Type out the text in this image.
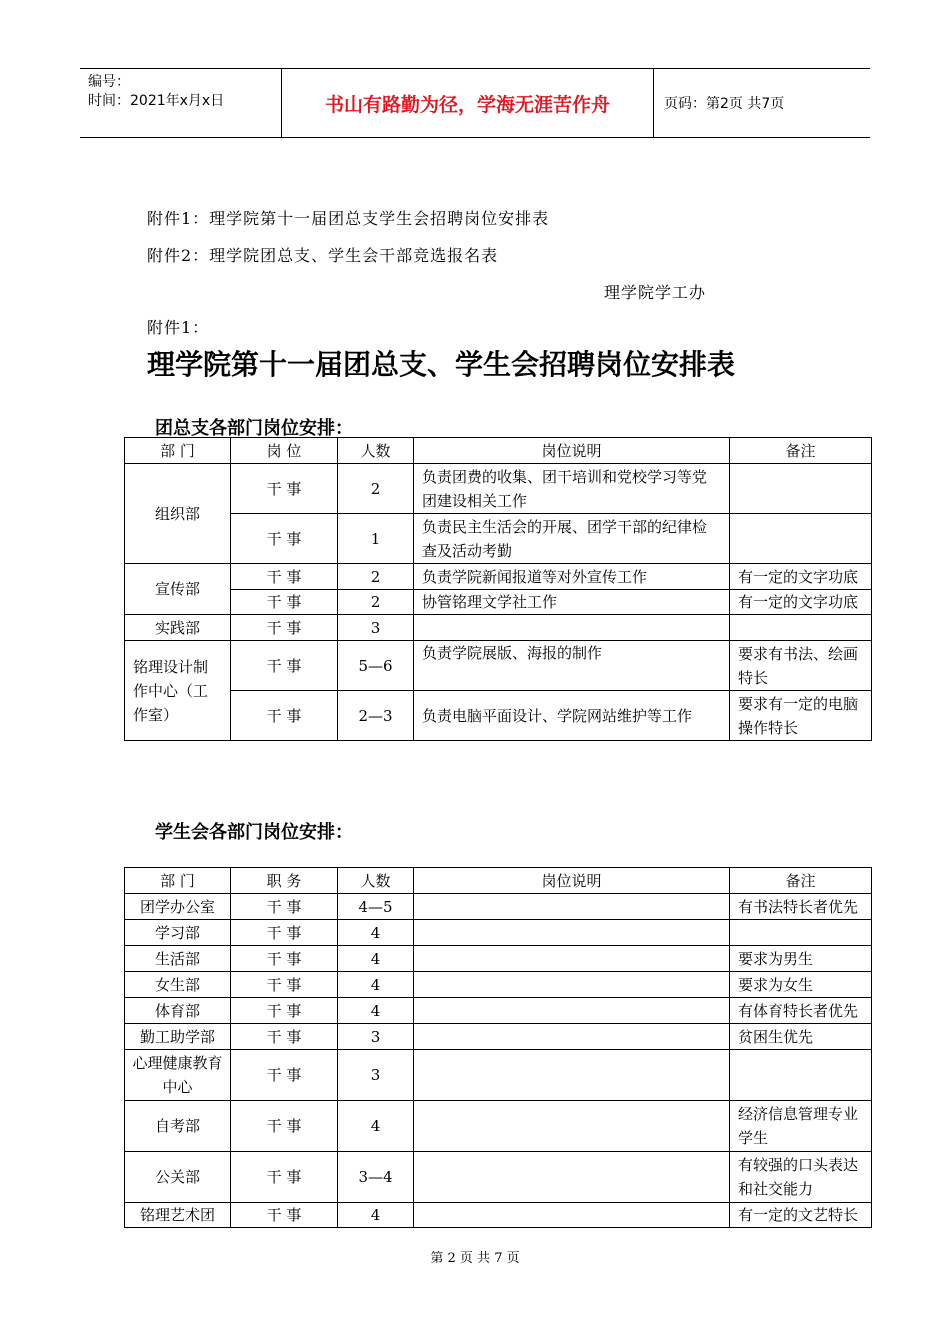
编号：
时间：2021年x月x日	书山有路勤为径，学海无涯苦作舟	页码：第2页 共7页
附件1：理学院第十一届团总支学生会招聘岗位安排表
附件2：理学院团总支、学生会干部竞选报名表
理学院学工办
附件1：
理学院第十一届团总支、学生会招聘岗位安排表
团总支各部门岗位安排：
部 门	岗 位	人数	岗位说明	备注
组织部	干 事	2	负责团费的收集、团干培训和党校学习等党团建设相关工作	
	干 事	1	负责民主生活会的开展、团学干部的纪律检查及活动考勤	
宣传部	干 事	2	负责学院新闻报道等对外宣传工作	有一定的文字功底
	干 事	2	协管铭理文学社工作	有一定的文字功底
实践部	干 事	3		
铭理设计制作中心（工作室）	干 事	5—6	负责学院展版、海报的制作	要求有书法、绘画特长
	干 事	2—3	负责电脑平面设计、学院网站维护等工作	要求有一定的电脑操作特长
学生会各部门岗位安排：
部 门	职 务	人数	岗位说明	备注
团学办公室	干 事	4—5		有书法特长者优先
学习部	干 事	4		
生活部	干 事	4		要求为男生
女生部	干 事	4		要求为女生
体育部	干 事	4		有体育特长者优先
勤工助学部	干 事	3		贫困生优先
心理健康教育中心	干 事	3		
自考部	干 事	4		经济信息管理专业学生
公关部	干 事	3—4		有较强的口头表达和社交能力
铭理艺术团	干 事	4		有一定的文艺特长
第 2 页 共 7 页
